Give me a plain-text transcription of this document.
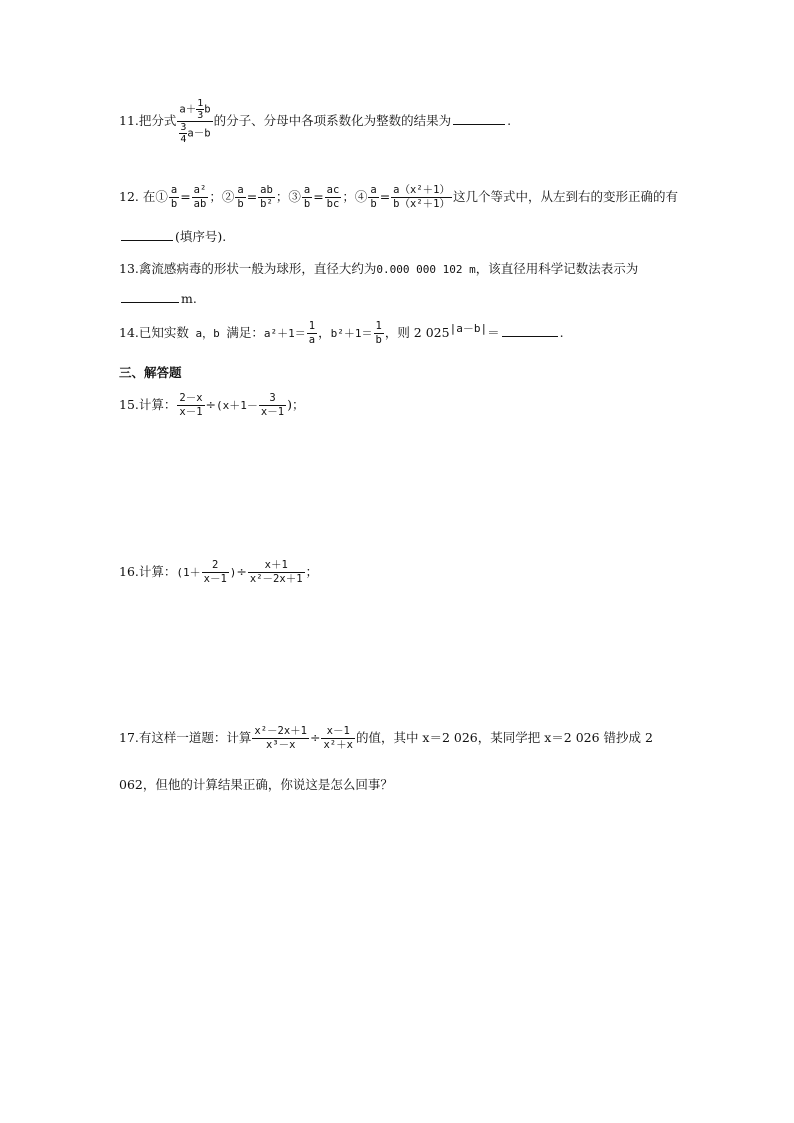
11.把分式 $\frac{a+ \frac{1}{3} b}{\frac{3}{4} a-b}$ 的分子、分母中各项系数化为整数的结果为	.
12. 在① $\frac{a}{b} = \frac{\text{a²}}{ab}$ ；② $\frac{a}{b} = \frac{ab}{\text{b²}}$ ；③ $\frac{a}{b} = \frac{ac}{bc}$ ；④ $\frac{a}{b} = \frac{\text{a（x²＋1）}}{\text{b（x²＋1）}}$ 这几个等式中，从左到右的变形正确的有
(填序号).
13.禽流感病毒的形状一般为球形，直径大约为0.000 000 102 m，该直径用科学记数法表示为
m.
14.已知实数 a，b 满足：$a^2+1= \frac{1}{a}$ ，$b^2+1= \frac{1}{b}$ ，则 2 $025^{|a-b|}=$	.
三、解答题
15.计算： $\frac{2-x}{x-1} \div(x+1- \frac{3}{x-1}$ )；
16.计算：($1+ \frac{2}{x-1}$ )÷ $\frac{x+1}{\text{x²－2x＋1}}$ ；
17.有这样一道题：计算 $\frac{\text{x²－2x＋1}}{\text{x³－x}} \div \frac{x-1}{\text{x²＋x}}$ 的值，其中 x＝2 026，某同学把 x＝2 026 错抄成 2
062，但他的计算结果正确，你说这是怎么回事？
